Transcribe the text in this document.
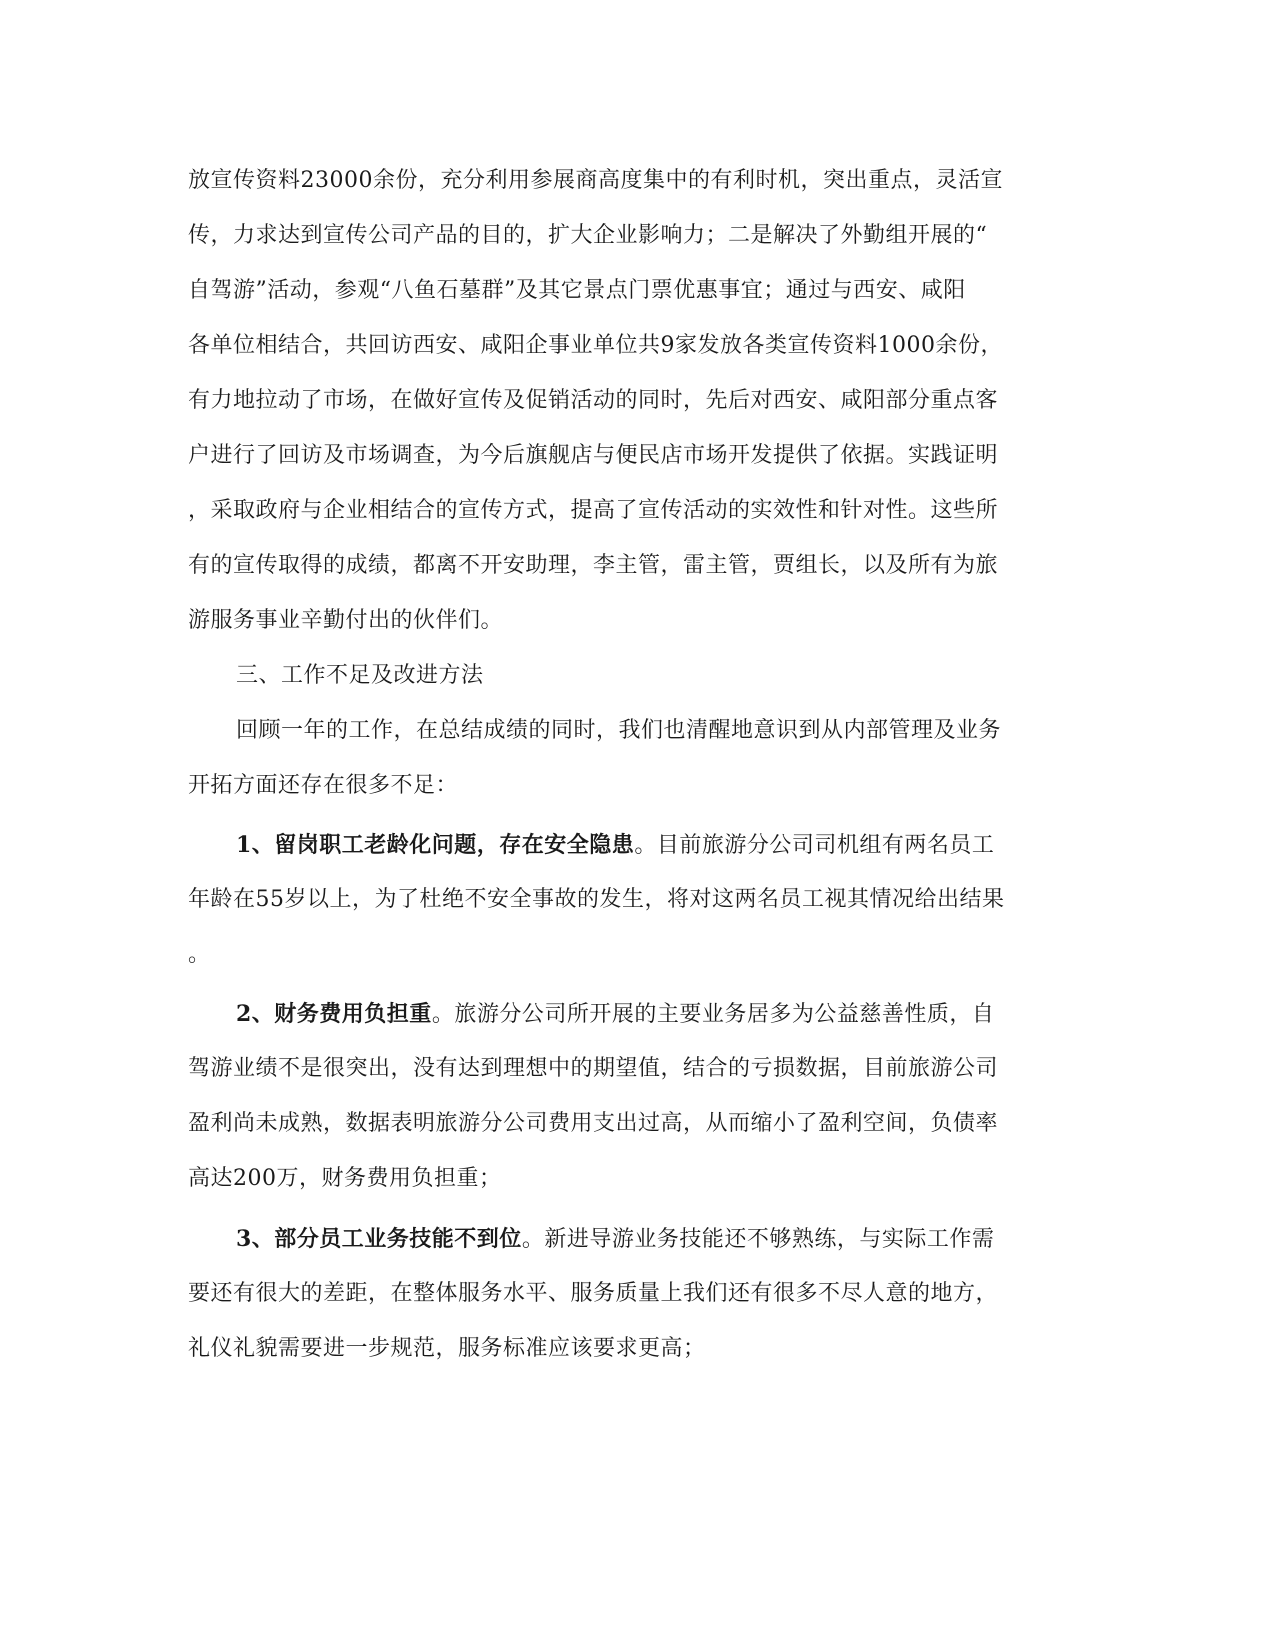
放宣传资料23000余份，充分利用参展商高度集中的有利时机，突出重点，灵活宣
传，力求达到宣传公司产品的目的，扩大企业影响力；二是解决了外勤组开展的“
自驾游”活动，参观“八鱼石墓群”及其它景点门票优惠事宜；通过与西安、咸阳
各单位相结合，共回访西安、咸阳企事业单位共9家发放各类宣传资料1000余份，
有力地拉动了市场，在做好宣传及促销活动的同时，先后对西安、咸阳部分重点客
户进行了回访及市场调查，为今后旗舰店与便民店市场开发提供了依据。实践证明
，采取政府与企业相结合的宣传方式，提高了宣传活动的实效性和针对性。这些所
有的宣传取得的成绩，都离不开安助理，李主管，雷主管，贾组长，以及所有为旅
游服务事业辛勤付出的伙伴们。
三、工作不足及改进方法
回顾一年的工作，在总结成绩的同时，我们也清醒地意识到从内部管理及业务
开拓方面还存在很多不足：
1、留岗职工老龄化问题，存在安全隐患。目前旅游分公司司机组有两名员工
年龄在55岁以上，为了杜绝不安全事故的发生，将对这两名员工视其情况给出结果
。
2、财务费用负担重。旅游分公司所开展的主要业务居多为公益慈善性质，自
驾游业绩不是很突出，没有达到理想中的期望值，结合的亏损数据，目前旅游公司
盈利尚未成熟，数据表明旅游分公司费用支出过高，从而缩小了盈利空间，负债率
高达200万，财务费用负担重；
3、部分员工业务技能不到位。新进导游业务技能还不够熟练，与实际工作需
要还有很大的差距，在整体服务水平、服务质量上我们还有很多不尽人意的地方，
礼仪礼貌需要进一步规范，服务标准应该要求更高；
